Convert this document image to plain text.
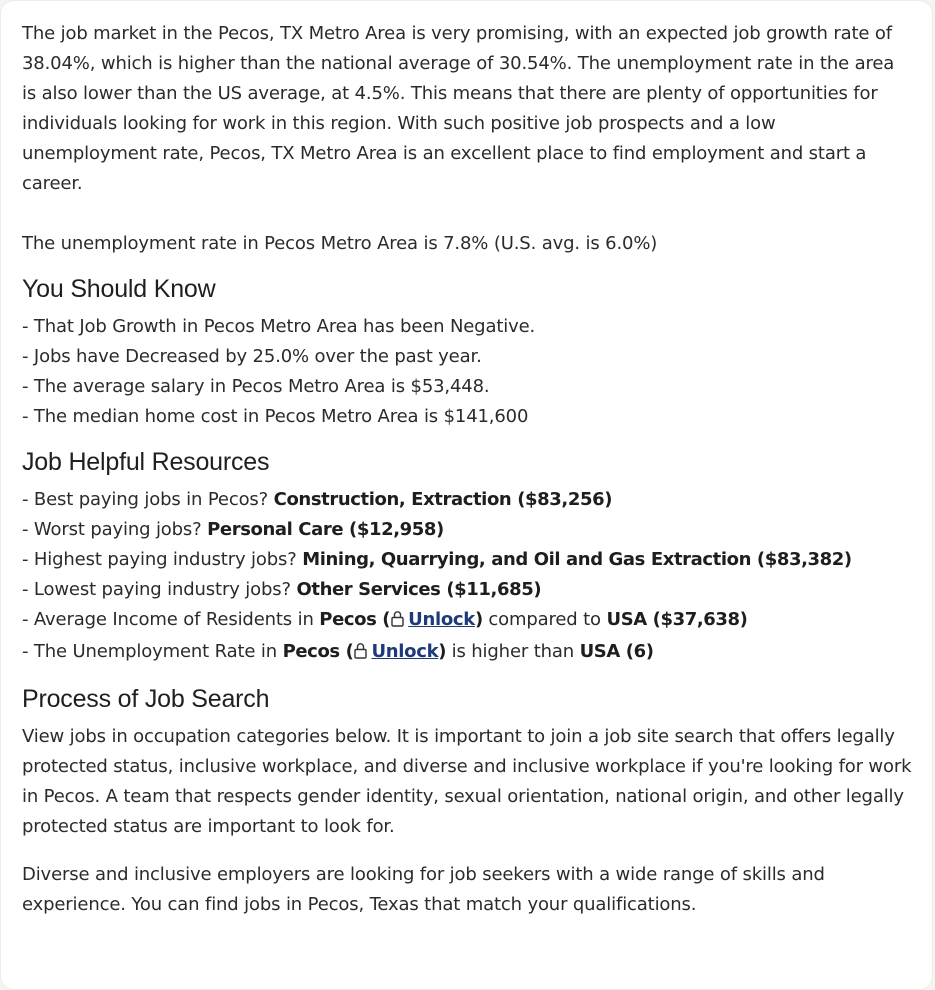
The job market in the Pecos, TX Metro Area is very promising, with an expected job growth rate of 38.04%, which is higher than the national average of 30.54%. The unemployment rate in the area is also lower than the US average, at 4.5%. This means that there are plenty of opportunities for individuals looking for work in this region. With such positive job prospects and a low unemployment rate, Pecos, TX Metro Area is an excellent place to find employment and start a career.

The unemployment rate in Pecos Metro Area is 7.8% (U.S. avg. is 6.0%)

You Should Know
- That Job Growth in Pecos Metro Area has been Negative.
- Jobs have Decreased by 25.0% over the past year.
- The average salary in Pecos Metro Area is $53,448.
- The median home cost in Pecos Metro Area is $141,600
Job Helpful Resources
- Best paying jobs in Pecos? Construction, Extraction ($83,256)
- Worst paying jobs? Personal Care ($12,958)
- Highest paying industry jobs? Mining, Quarrying, and Oil and Gas Extraction ($83,382)
- Lowest paying industry jobs? Other Services ($11,685)
- Average Income of Residents in Pecos ( Unlock) compared to USA ($37,638)
- The Unemployment Rate in Pecos ( Unlock) is higher than USA (6)
Process of Job Search

View jobs in occupation categories below. It is important to join a job site search that offers legally protected status, inclusive workplace, and diverse and inclusive workplace if you're looking for work in Pecos. A team that respects gender identity, sexual orientation, national origin, and other legally protected status are important to look for.

Diverse and inclusive employers are looking for job seekers with a wide range of skills and experience. You can find jobs in Pecos, Texas that match your qualifications.
